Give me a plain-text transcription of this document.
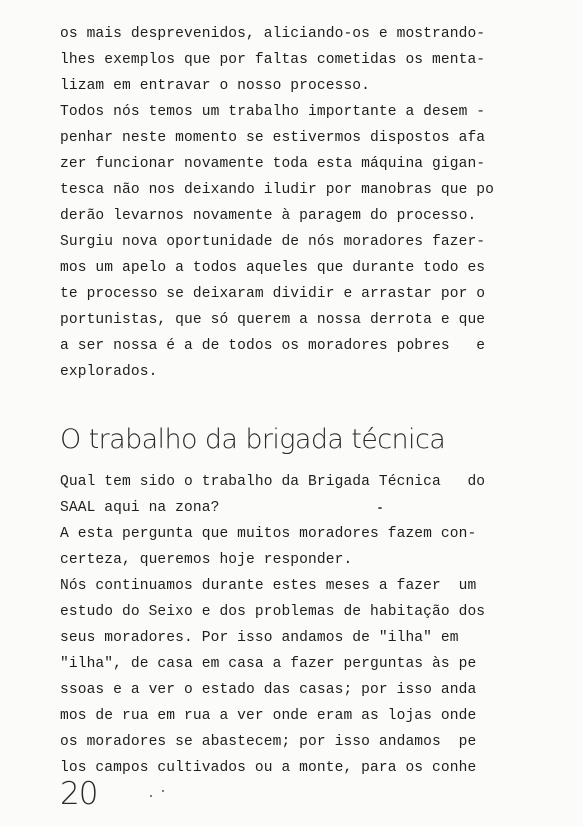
os mais desprevenidos, aliciando-os e mostrando-
lhes exemplos que por faltas cometidas os menta-
lizam em entravar o nosso processo.
Todos nós temos um trabalho importante a desem -
penhar neste momento se estivermos dispostos afa
zer funcionar novamente toda esta máquina gigan-
tesca não nos deixando iludir por manobras que po
derão levarnos novamente à paragem do processo.
Surgiu nova oportunidade de nós moradores fazer-
mos um apelo a todos aqueles que durante todo es
te processo se deixaram dividir e arrastar por o
portunistas, que só querem a nossa derrota e que
a ser nossa é a de todos os moradores pobres   e
explorados.
O trabalho da brigada técnica
Qual tem sido o trabalho da Brigada Técnica   do
SAAL aqui na zona?
A esta pergunta que muitos moradores fazem con-
certeza, queremos hoje responder.
Nós continuamos durante estes meses a fazer  um
estudo do Seixo e dos problemas de habitação dos
seus moradores. Por isso andamos de "ilha" em
"ilha", de casa em casa a fazer perguntas às pe
ssoas e a ver o estado das casas; por isso anda
mos de rua em rua a ver onde eram as lojas onde
os moradores se abastecem; por isso andamos  pe
los campos cultivados ou a monte, para os conhe
20
